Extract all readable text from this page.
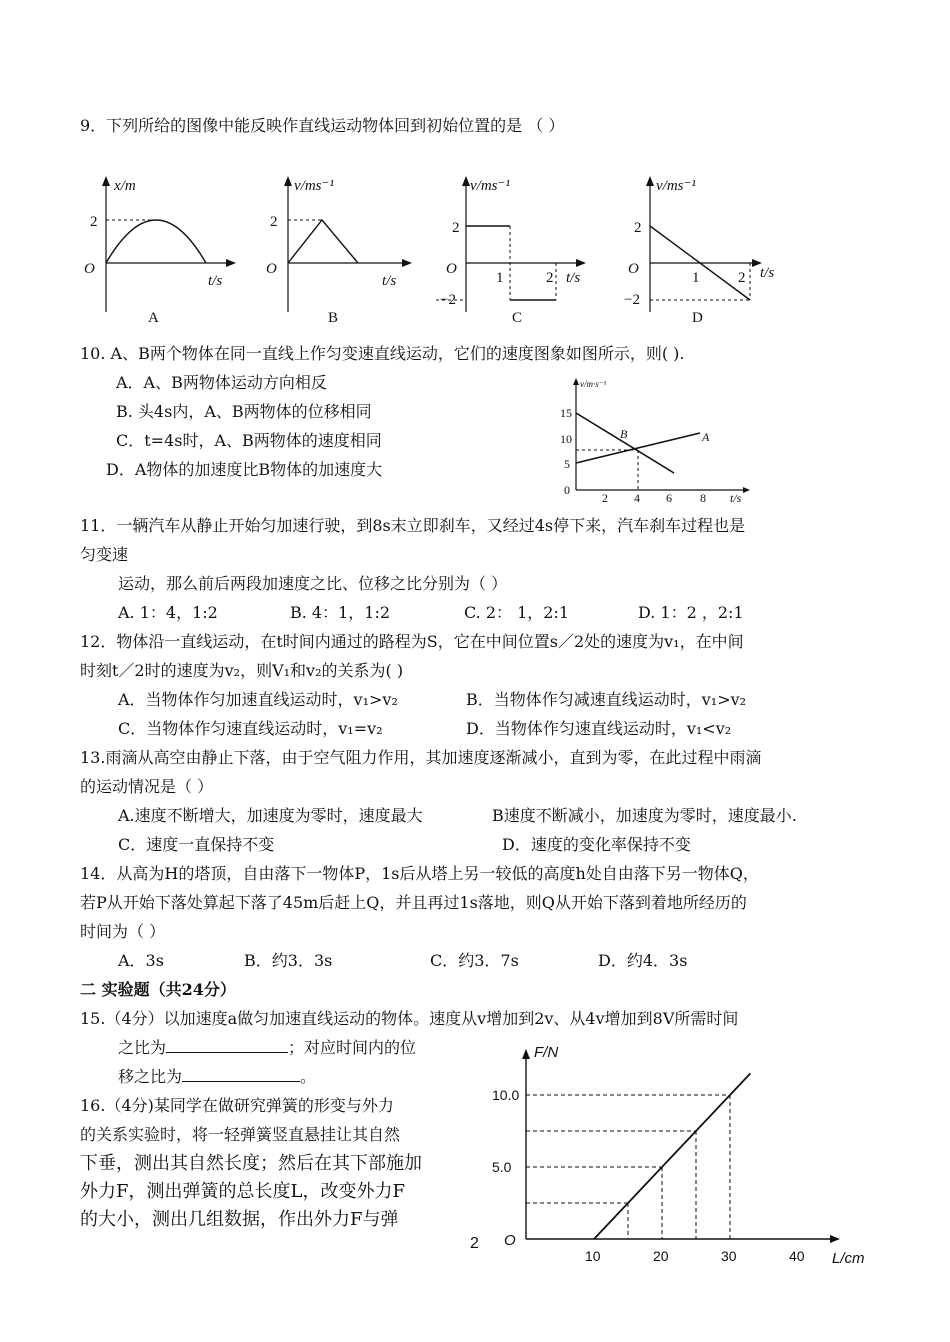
9．下列所给的图像中能反映作直线运动物体回到初始位置的是 （ ）
x/m
2
O
t/s
A
v/ms⁻¹
2
O
t/s
B
v/ms⁻¹
2
O
1	2 t/s
−2
C
v/ms⁻¹
2
O
1	2 t/s
−2
D
10. A、B两个物体在同一直线上作匀变速直线运动，它们的速度图象如图所示，则( ).
A．A、B两物体运动方向相反
B. 头4s内，A、B两物体的位移相同
C．t=4s时，A、B两物体的速度相同
D．A物体的加速度比B物体的加速度大
v/m·s⁻¹
15
10
5
0
2 4 6 8 t/s
B	A
11．一辆汽车从静止开始匀加速行驶，到8s末立即刹车，又经过4s停下来，汽车刹车过程也是
匀变速
运动，那么前后两段加速度之比、位移之比分别为（ ）
A. 1：4，1:2	B. 4：1，1:2	C. 2： 1，2:1	D. 1：2 ，2:1
12．物体沿一直线运动，在t时间内通过的路程为S，它在中间位置s／2处的速度为v₁，在中间
时刻t／2时的速度为v₂，则V₁和v₂的关系为( )
A．当物体作匀加速直线运动时，v₁>v₂	B．当物体作匀减速直线运动时，v₁>v₂
C．当物体作匀速直线运动时，v₁=v₂	D．当物体作匀速直线运动时，v₁<v₂
13.雨滴从高空由静止下落，由于空气阻力作用，其加速度逐渐减小，直到为零，在此过程中雨滴
的运动情况是（ ）
A.速度不断增大，加速度为零时，速度最大	B速度不断减小，加速度为零时，速度最小.
C．速度一直保持不变	D．速度的变化率保持不变
14．从高为H的塔顶，自由落下一物体P，1s后从塔上另一较低的高度h处自由落下另一物体Q，
若P从开始下落处算起下落了45m后赶上Q，并且再过1s落地，则Q从开始下落到着地所经历的
时间为（ ）
A．3s	B．约3．3s	C．约3．7s	D．约4．3s
二 实验题（共24分）
15.（4分）以加速度a做匀加速直线运动的物体。速度从v增加到2v、从4v增加到8V所需时间
之比为	；对应时间内的位
移之比为	。
16.（4分)某同学在做研究弹簧的形变与外力
的关系实验时，将一轻弹簧竖直悬挂让其自然
下垂，测出其自然长度；然后在其下部施加
外力F，测出弹簧的总长度L，改变外力F
的大小，测出几组数据，作出外力F与弹
2
F/N
L/cm
O
10	20	30	40
5.0
10.0
